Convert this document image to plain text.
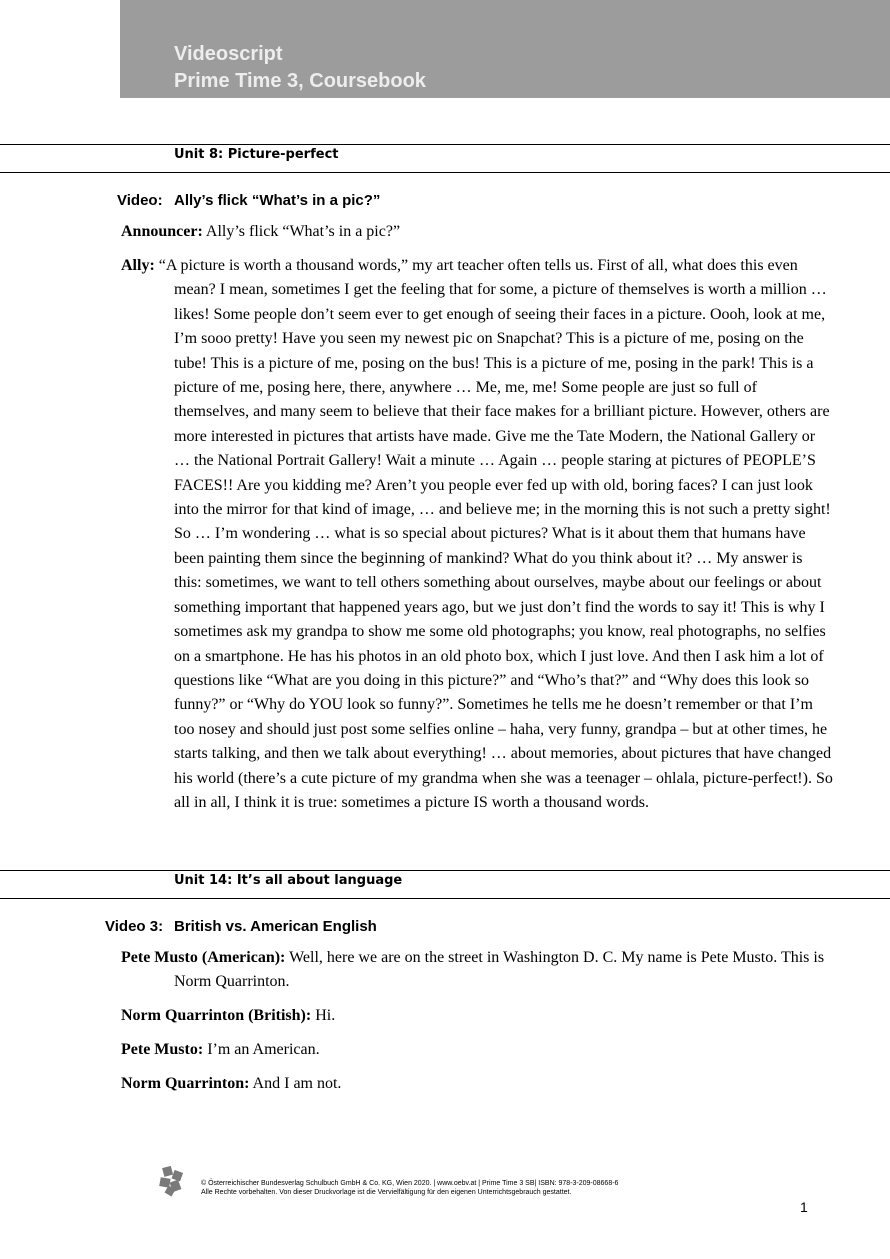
Videoscript
Prime Time 3, Coursebook
Unit 8: Picture-perfect
Video: Ally’s flick “What’s in a pic?”
Announcer: Ally’s flick “What’s in a pic?”
Ally: “A picture is worth a thousand words,” my art teacher often tells us. First of all, what does this even mean? I mean, sometimes I get the feeling that for some, a picture of themselves is worth a million … likes! Some people don’t seem ever to get enough of seeing their faces in a picture. Oooh, look at me, I’m sooo pretty! Have you seen my newest pic on Snapchat? This is a picture of me, posing on the tube! This is a picture of me, posing on the bus! This is a picture of me, posing in the park! This is a picture of me, posing here, there, anywhere … Me, me, me! Some people are just so full of themselves, and many seem to believe that their face makes for a brilliant picture. However, others are more interested in pictures that artists have made. Give me the Tate Modern, the National Gallery or … the National Portrait Gallery! Wait a minute … Again … people staring at pictures of PEOPLE’S FACES!! Are you kidding me? Aren’t you people ever fed up with old, boring faces? I can just look into the mirror for that kind of image, … and believe me; in the morning this is not such a pretty sight! So … I’m wondering … what is so special about pictures? What is it about them that humans have been painting them since the beginning of mankind? What do you think about it? … My answer is this: sometimes, we want to tell others something about ourselves, maybe about our feelings or about something important that happened years ago, but we just don’t find the words to say it! This is why I sometimes ask my grandpa to show me some old photographs; you know, real photographs, no selfies on a smartphone. He has his photos in an old photo box, which I just love. And then I ask him a lot of questions like “What are you doing in this picture?” and “Who’s that?” and “Why does this look so funny?” or “Why do YOU look so funny?”. Sometimes he tells me he doesn’t remember or that I’m too nosey and should just post some selfies online – haha, very funny, grandpa – but at other times, he starts talking, and then we talk about everything! … about memories, about pictures that have changed his world (there’s a cute picture of my grandma when she was a teenager – ohlala, picture-perfect!). So all in all, I think it is true: sometimes a picture IS worth a thousand words.
Unit 14: It’s all about language
Video 3: British vs. American English
Pete Musto (American): Well, here we are on the street in Washington D. C. My name is Pete Musto. This is Norm Quarrinton.
Norm Quarrinton (British): Hi.
Pete Musto: I’m an American.
Norm Quarrinton: And I am not.
© Österreichischer Bundesverlag Schulbuch GmbH & Co. KG, Wien 2020. | www.oebv.at | Prime Time 3 SB| ISBN: 978-3-209-08668-6
Alle Rechte vorbehalten. Von dieser Druckvorlage ist die Vervielfältigung für den eigenen Unterrichtsgebrauch gestattet.
1
